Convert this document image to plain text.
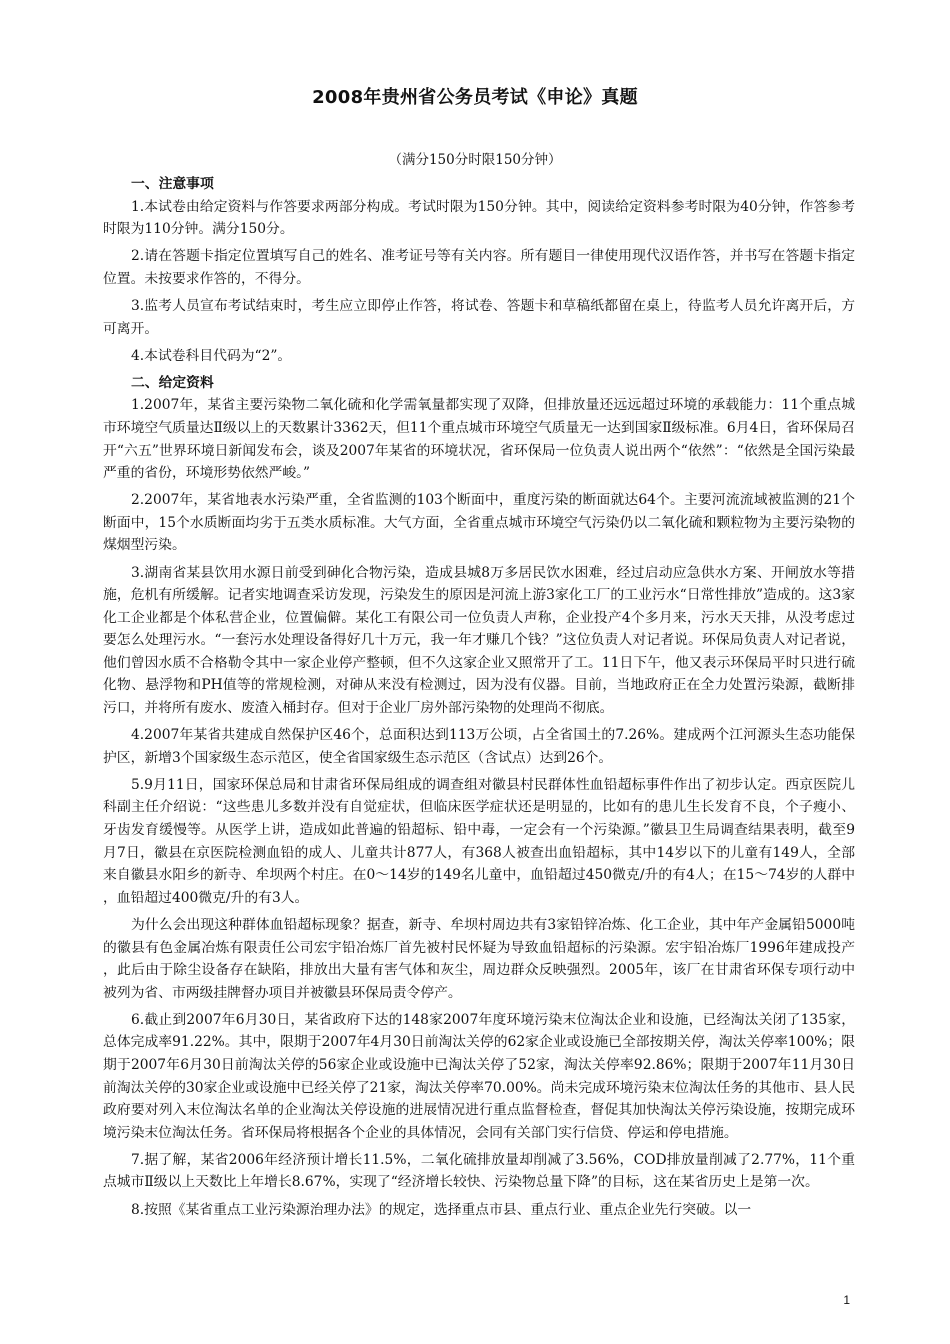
2008年贵州省公务员考试《申论》真题
（满分150分时限150分钟）

一、注意事项

1.本试卷由给定资料与作答要求两部分构成。考试时限为150分钟。其中，阅读给定资料参考时限为40分钟，作答参考时限为110分钟。满分150分。

2.请在答题卡指定位置填写自己的姓名、准考证号等有关内容。所有题目一律使用现代汉语作答，并书写在答题卡指定位置。未按要求作答的，不得分。

3.监考人员宣布考试结束时，考生应立即停止作答，将试卷、答题卡和草稿纸都留在桌上，待监考人员允许离开后，方可离开。

4.本试卷科目代码为“2”。

二、给定资料

1.2007年，某省主要污染物二氧化硫和化学需氧量都实现了双降，但排放量还远远超过环境的承载能力：11个重点城市环境空气质量达Ⅱ级以上的天数累计3362天，但11个重点城市环境空气质量无一达到国家Ⅱ级标准。6月4日，省环保局召开“六五”世界环境日新闻发布会，谈及2007年某省的环境状况，省环保局一位负责人说出两个“依然”：“依然是全国污染最严重的省份，环境形势依然严峻。”

2.2007年，某省地表水污染严重，全省监测的103个断面中，重度污染的断面就达64个。主要河流流域被监测的21个断面中，15个水质断面均劣于五类水质标准。大气方面，全省重点城市环境空气污染仍以二氧化硫和颗粒物为主要污染物的煤烟型污染。

3.湖南省某县饮用水源日前受到砷化合物污染，造成县城8万多居民饮水困难，经过启动应急供水方案、开闸放水等措施，危机有所缓解。记者实地调查采访发现，污染发生的原因是河流上游3家化工厂的工业污水“日常性排放”造成的。这3家化工企业都是个体私营企业，位置偏僻。某化工有限公司一位负责人声称，企业投产4个多月来，污水天天排，从没考虑过要怎么处理污水。“一套污水处理设备得好几十万元，我一年才赚几个钱？”这位负责人对记者说。环保局负责人对记者说，他们曾因水质不合格勒令其中一家企业停产整顿，但不久这家企业又照常开了工。11日下午，他又表示环保局平时只进行硫化物、悬浮物和PH值等的常规检测，对砷从来没有检测过，因为没有仪器。目前，当地政府正在全力处置污染源，截断排污口，并将所有废水、废渣入桶封存。但对于企业厂房外部污染物的处理尚不彻底。

4.2007年某省共建成自然保护区46个，总面积达到113万公顷，占全省国土的7.26%。建成两个江河源头生态功能保护区，新增3个国家级生态示范区，使全省国家级生态示范区（含试点）达到26个。

5.9月11日，国家环保总局和甘肃省环保局组成的调查组对徽县村民群体性血铅超标事件作出了初步认定。西京医院儿科副主任介绍说：“这些患儿多数并没有自觉症状，但临床医学症状还是明显的，比如有的患儿生长发育不良，个子瘦小、牙齿发育缓慢等。从医学上讲，造成如此普遍的铅超标、铅中毒，一定会有一个污染源。”徽县卫生局调查结果表明，截至9月7日，徽县在京医院检测血铅的成人、儿童共计877人，有368人被查出血铅超标，其中14岁以下的儿童有149人，全部来自徽县水阳乡的新寺、牟坝两个村庄。在0～14岁的149名儿童中，血铅超过450微克/升的有4人；在15～74岁的人群中，血铅超过400微克/升的有3人。

为什么会出现这种群体血铅超标现象？据查，新寺、牟坝村周边共有3家铅锌冶炼、化工企业，其中年产金属铅5000吨的徽县有色金属冶炼有限责任公司宏宇铅冶炼厂首先被村民怀疑为导致血铅超标的污染源。宏宇铅冶炼厂1996年建成投产，此后由于除尘设备存在缺陷，排放出大量有害气体和灰尘，周边群众反映强烈。2005年，该厂在甘肃省环保专项行动中被列为省、市两级挂牌督办项目并被徽县环保局责令停产。

6.截止到2007年6月30日，某省政府下达的148家2007年度环境污染末位淘汰企业和设施，已经淘汰关闭了135家，总体完成率91.22%。其中，限期于2007年4月30日前淘汰关停的62家企业或设施已全部按期关停，淘汰关停率100%；限期于2007年6月30日前淘汰关停的56家企业或设施中已淘汰关停了52家，淘汰关停率92.86%；限期于2007年11月30日前淘汰关停的30家企业或设施中已经关停了21家，淘汰关停率70.00%。尚未完成环境污染末位淘汰任务的其他市、县人民政府要对列入末位淘汰名单的企业淘汰关停设施的进展情况进行重点监督检查，督促其加快淘汰关停污染设施，按期完成环境污染末位淘汰任务。省环保局将根据各个企业的具体情况，会同有关部门实行信贷、停运和停电措施。

7.据了解，某省2006年经济预计增长11.5%，二氧化硫排放量却削减了3.56%，COD排放量削减了2.77%，11个重点城市Ⅱ级以上天数比上年增长8.67%，实现了“经济增长较快、污染物总量下降”的目标，这在某省历史上是第一次。

8.按照《某省重点工业污染源治理办法》的规定，选择重点市县、重点行业、重点企业先行突破。以一

1
